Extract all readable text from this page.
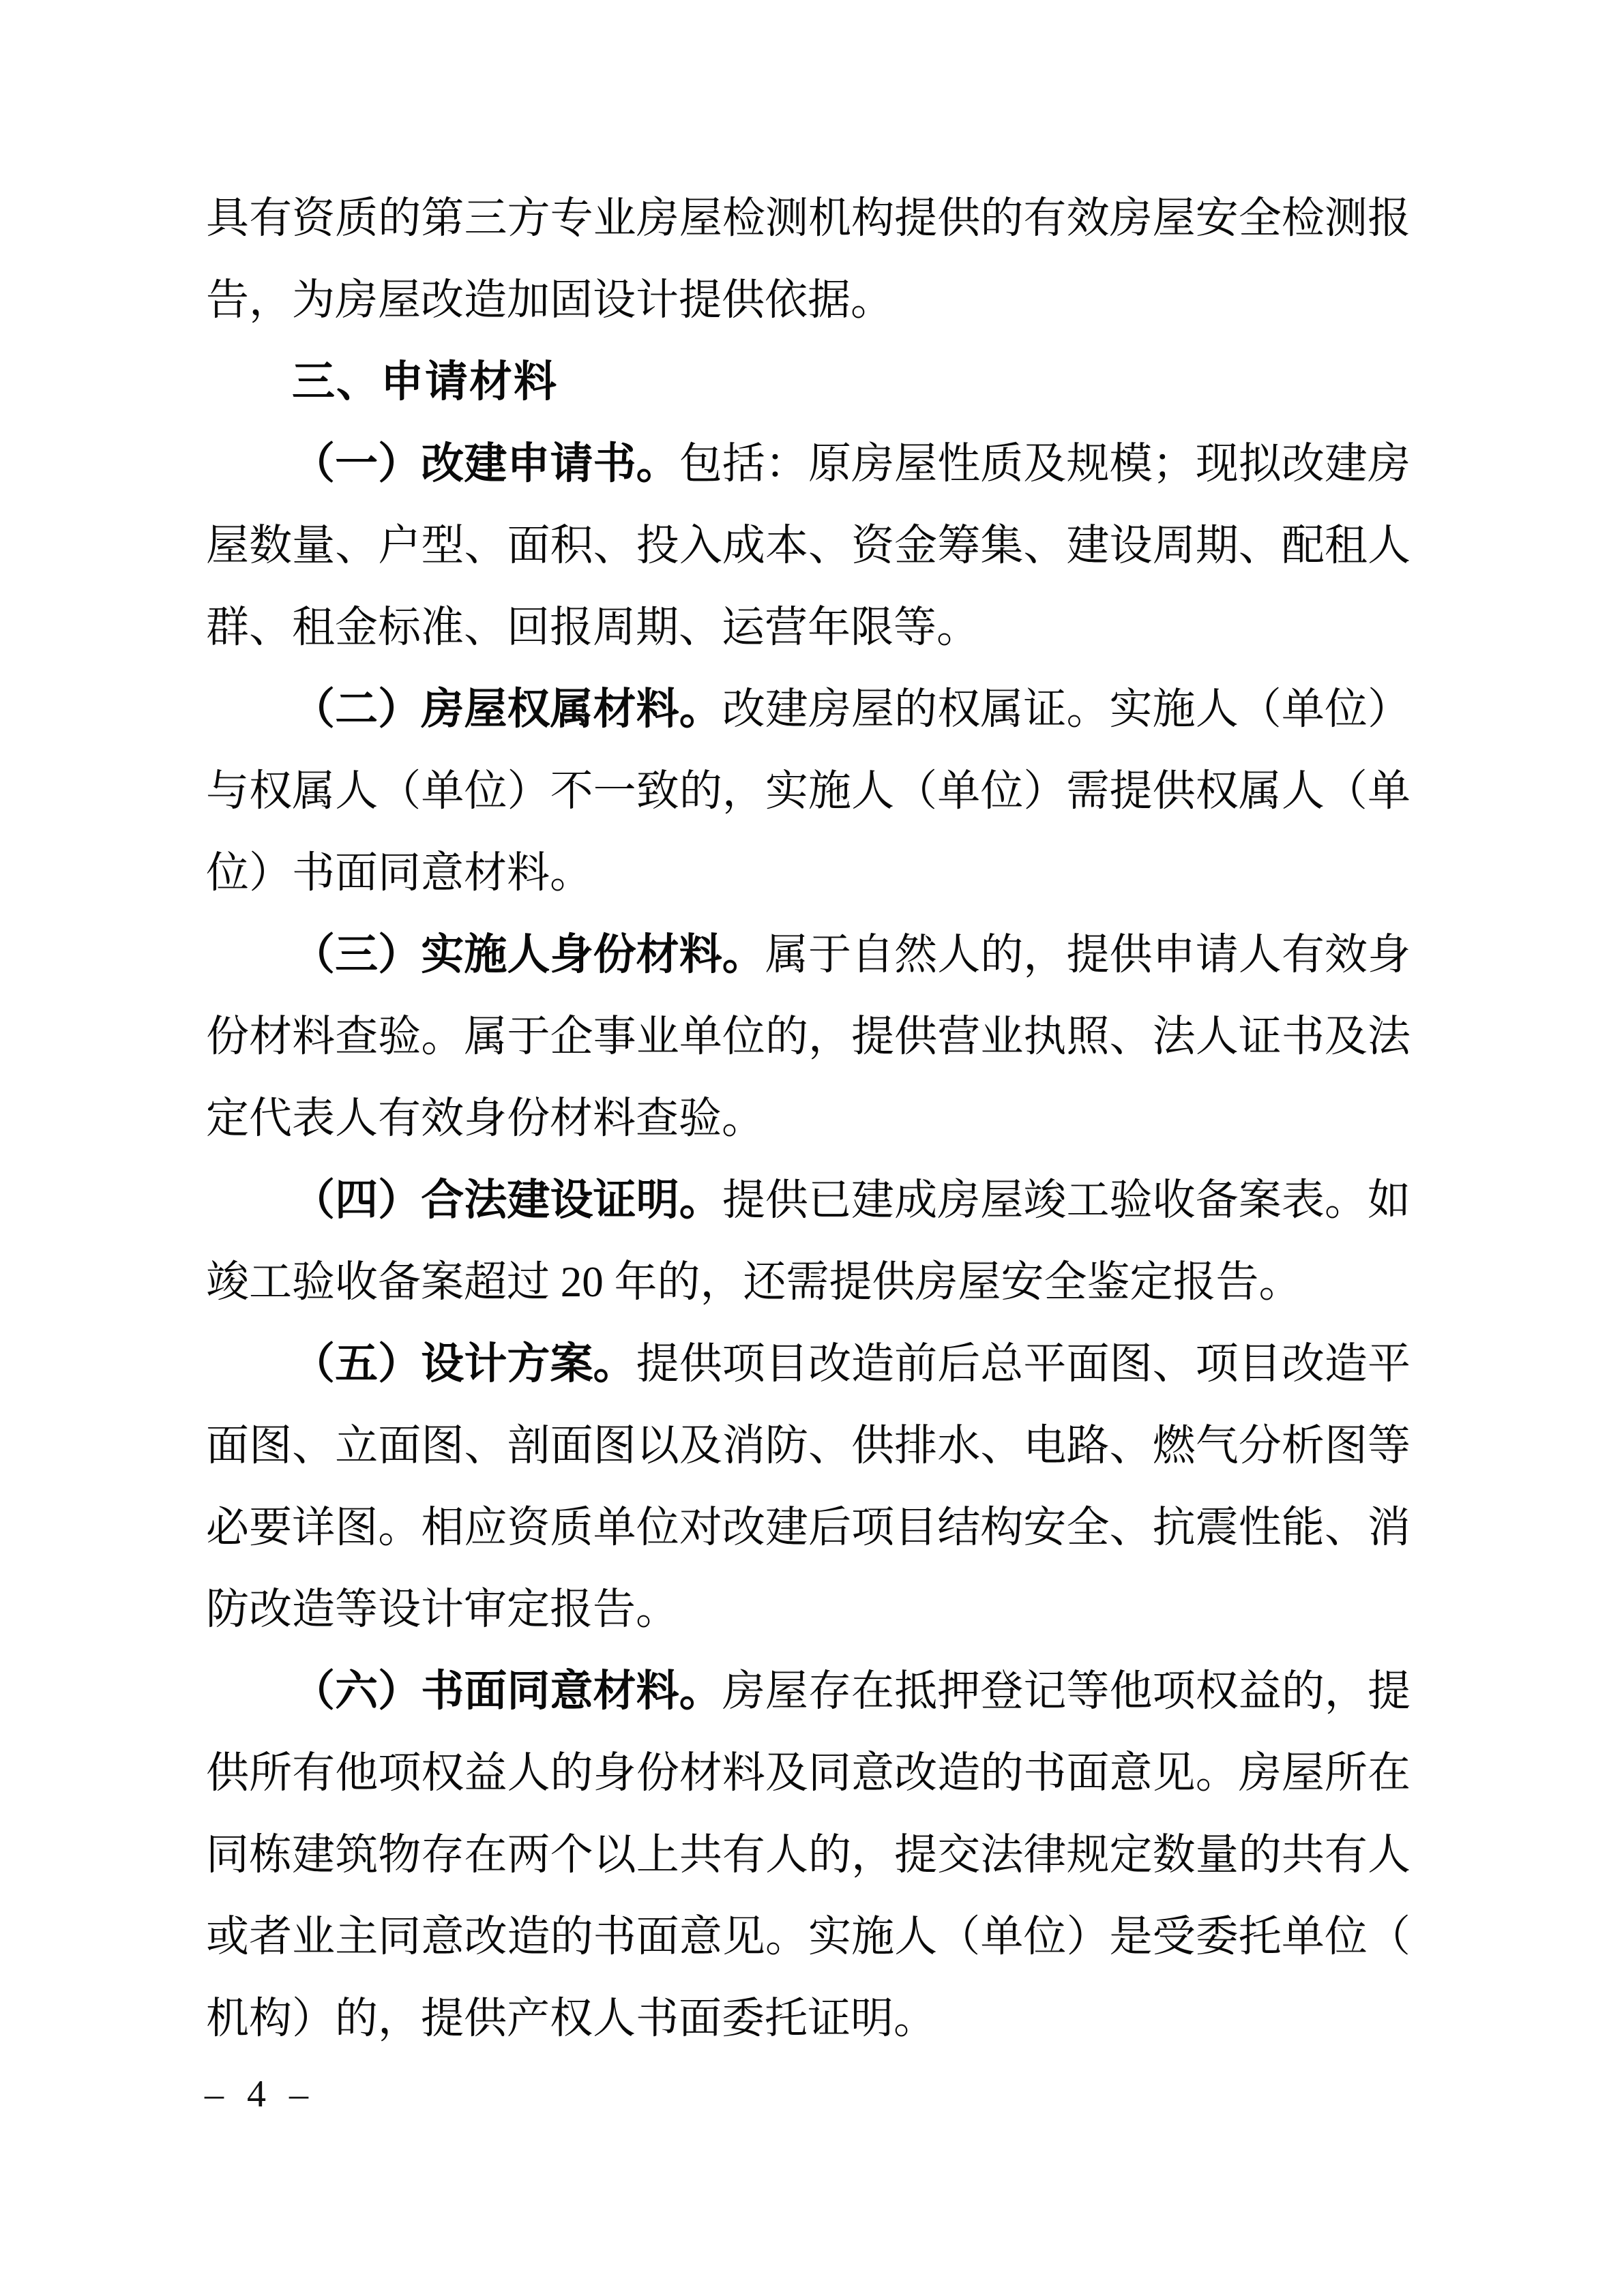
具有资质的第三方专业房屋检测机构提供的有效房屋安全检测报告，为房屋改造加固设计提供依据。

三、申请材料

（一）改建申请书。包括：原房屋性质及规模；现拟改建房屋数量、户型、面积、投入成本、资金筹集、建设周期、配租人群、租金标准、回报周期、运营年限等。

（二）房屋权属材料。改建房屋的权属证。实施人（单位）与权属人（单位）不一致的，实施人（单位）需提供权属人（单位）书面同意材料。

（三）实施人身份材料。属于自然人的，提供申请人有效身份材料查验。属于企事业单位的，提供营业执照、法人证书及法定代表人有效身份材料查验。

（四）合法建设证明。提供已建成房屋竣工验收备案表。如竣工验收备案超过 20 年的，还需提供房屋安全鉴定报告。

（五）设计方案。提供项目改造前后总平面图、项目改造平面图、立面图、剖面图以及消防、供排水、电路、燃气分析图等必要详图。相应资质单位对改建后项目结构安全、抗震性能、消防改造等设计审定报告。

（六）书面同意材料。房屋存在抵押登记等他项权益的，提供所有他项权益人的身份材料及同意改造的书面意见。房屋所在同栋建筑物存在两个以上共有人的，提交法律规定数量的共有人或者业主同意改造的书面意见。实施人（单位）是受委托单位（机构）的，提供产权人书面委托证明。

– 4 –
